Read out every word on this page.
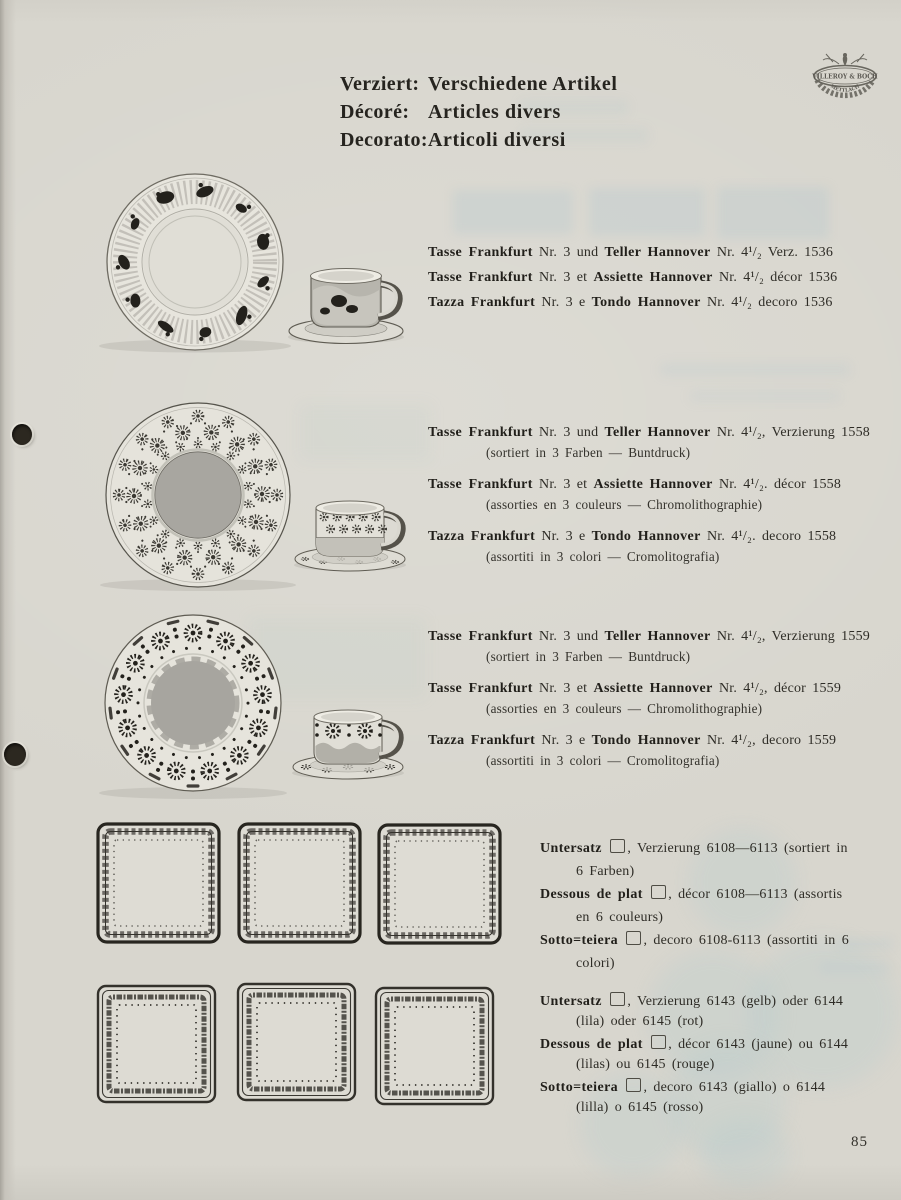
Verziert: Verschiedene Artikel
Décoré: Articles divers
Decorato: Articoli diversi
VILLEROY & BOCH
METTLACH
Tasse Frankfurt Nr. 3 und Teller Hannover Nr. 4¹/₂ Verz. 1536
Tasse Frankfurt Nr. 3 et Assiette Hannover Nr. 4¹/₂ décor 1536
Tazza Frankfurt Nr. 3 e Tondo Hannover Nr. 4¹/₂ decoro 1536
Tasse Frankfurt Nr. 3 und Teller Hannover Nr. 4¹/₂, Verzierung 1558
(sortiert in 3 Farben — Buntdruck)
Tasse Frankfurt Nr. 3 et Assiette Hannover Nr. 4¹/₂. décor 1558
(assorties en 3 couleurs — Chromolithographie)
Tazza Frankfurt Nr. 3 e Tondo Hannover Nr. 4¹/₂. decoro 1558
(assortiti in 3 colori — Cromolitografia)
Tasse Frankfurt Nr. 3 und Teller Hannover Nr. 4¹/₂, Verzierung 1559
(sortiert in 3 Farben — Buntdruck)
Tasse Frankfurt Nr. 3 et Assiette Hannover Nr. 4¹/₂, décor 1559
(assorties en 3 couleurs — Chromolithographie)
Tazza Frankfurt Nr. 3 e Tondo Hannover Nr. 4¹/₂, decoro 1559
(assortiti in 3 colori — Cromolitografia)
Untersatz , Verzierung 6108—6113 (sortiert in 6 Farben)
Dessous de plat , décor 6108—6113 (assortis en 6 couleurs)
Sotto=teiera , decoro 6108-6113 (assortiti in 6 colori)
Untersatz , Verzierung 6143 (gelb) oder 6144 (lila) oder 6145 (rot)
Dessous de plat , décor 6143 (jaune) ou 6144 (lilas) ou 6145 (rouge)
Sotto=teiera , decoro 6143 (giallo) o 6144 (lilla) o 6145 (rosso)
85
